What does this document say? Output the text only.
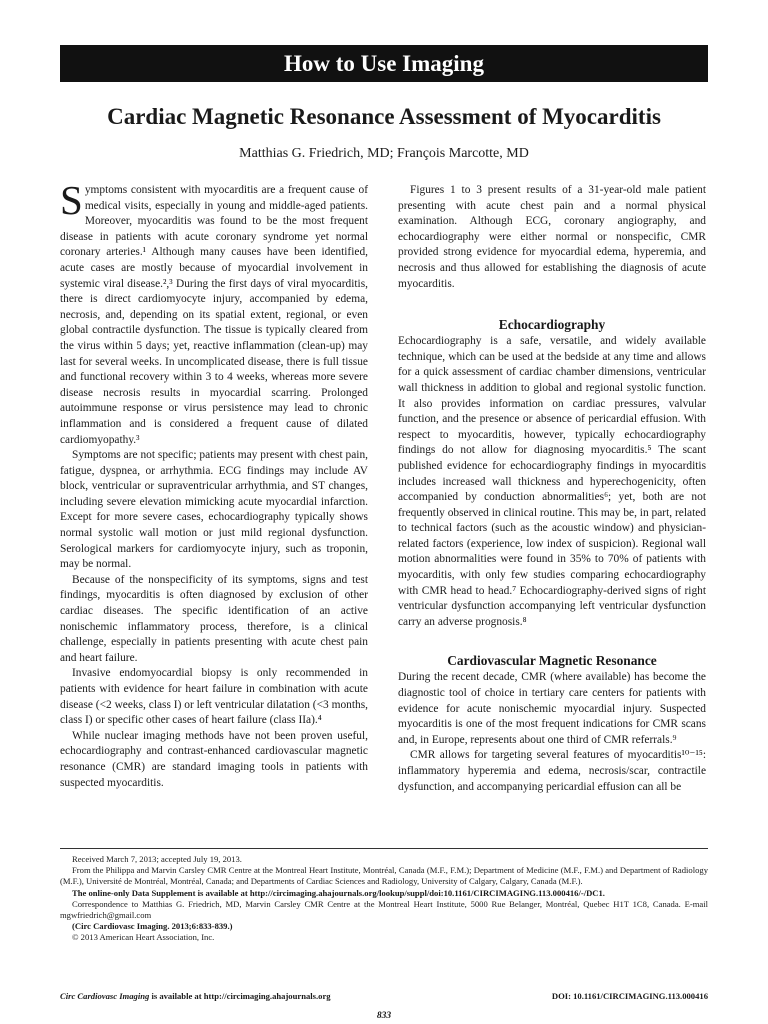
How to Use Imaging
Cardiac Magnetic Resonance Assessment of Myocarditis
Matthias G. Friedrich, MD; François Marcotte, MD

Symptoms consistent with myocarditis are a frequent cause of medical visits, especially in young and middle-aged patients. Moreover, myocarditis was found to be the most frequent disease in patients with acute coronary syndrome yet normal coronary arteries.¹ Although many causes have been identified, acute cases are mostly because of myocardial involvement in systemic viral disease.²,³ During the first days of viral myocarditis, there is direct cardiomyocyte injury, accompanied by edema, necrosis, and, depending on its spatial extent, regional, or even global contractile dysfunction. The tissue is typically cleared from the virus within 5 days; yet, reactive inflammation (clean-up) may last for several weeks. In uncomplicated disease, there is full tissue and functional recovery within 3 to 4 weeks, whereas more severe disease necrosis results in myocardial scarring. Prolonged autoimmune response or virus persistence may lead to chronic inflammation and is considered a frequent cause of dilated cardiomyopathy.³

Symptoms are not specific; patients may present with chest pain, fatigue, dyspnea, or arrhythmia. ECG findings may include AV block, ventricular or supraventricular arrhythmia, and ST changes, including severe elevation mimicking acute myocardial infarction. Except for more severe cases, echocardiography typically shows normal systolic wall motion or just mild regional dysfunction. Serological markers for cardiomyocyte injury, such as troponin, may be normal.

Because of the nonspecificity of its symptoms, signs and test findings, myocarditis is often diagnosed by exclusion of other cardiac diseases. The specific identification of an active nonischemic inflammatory process, therefore, is a clinical challenge, especially in patients presenting with acute chest pain and heart failure.

Invasive endomyocardial biopsy is only recommended in patients with evidence for heart failure in combination with acute disease (<2 weeks, class I) or left ventricular dilatation (<3 months, class I) or specific other cases of heart failure (class IIa).⁴

While nuclear imaging methods have not been proven useful, echocardiography and contrast-enhanced cardiovascular magnetic resonance (CMR) are standard imaging tools in patients with suspected myocarditis.

Figures 1 to 3 present results of a 31-year-old male patient presenting with acute chest pain and a normal physical examination. Although ECG, coronary angiography, and echocardiography were either normal or nonspecific, CMR provided strong evidence for myocardial edema, hyperemia, and necrosis and thus allowed for establishing the diagnosis of acute myocarditis.

Echocardiography

Echocardiography is a safe, versatile, and widely available technique, which can be used at the bedside at any time and allows for a quick assessment of cardiac chamber dimensions, ventricular wall thickness in addition to global and regional systolic function. It also provides information on cardiac pressures, valvular function, and the presence or absence of pericardial effusion. With respect to myocarditis, however, typically echocardiography findings do not allow for diagnosing myocarditis.⁵ The scant published evidence for echocardiography findings in myocarditis includes increased wall thickness and hyperechogenicity, often accompanied by conduction abnormalities⁶; yet, both are not frequently observed in clinical routine. This may be, in part, related to technical factors (such as the acoustic window) and physician-related factors (experience, low index of suspicion). Regional wall motion abnormalities were found in 35% to 70% of patients with myocarditis, with only few studies comparing echocardiography with CMR head to head.⁷ Echocardiography-derived signs of right ventricular dysfunction accompanying left ventricular dysfunction carry an adverse prognosis.⁸

Cardiovascular Magnetic Resonance

During the recent decade, CMR (where available) has become the diagnostic tool of choice in tertiary care centers for patients with evidence for acute nonischemic myocardial injury. Suspected myocarditis is one of the most frequent indications for CMR scans and, in Europe, represents about one third of CMR referrals.⁹

CMR allows for targeting several features of myocarditis¹⁰⁻¹⁵: inflammatory hyperemia and edema, necrosis/scar, contractile dysfunction, and accompanying pericardial effusion can all be

Received March 7, 2013; accepted July 19, 2013.

From the Philippa and Marvin Carsley CMR Centre at the Montreal Heart Institute, Montréal, Canada (M.F., F.M.); Department of Medicine (M.F., F.M.) and Department of Radiology (M.F.), Université de Montréal, Montréal, Canada; and Departments of Cardiac Sciences and Radiology, University of Calgary, Calgary, Canada (M.F.).

The online-only Data Supplement is available at http://circimaging.ahajournals.org/lookup/suppl/doi:10.1161/CIRCIMAGING.113.000416/-/DC1.

Correspondence to Matthias G. Friedrich, MD, Marvin Carsley CMR Centre at the Montreal Heart Institute, 5000 Rue Belanger, Montréal, Quebec H1T 1C8, Canada. E-mail mgwfriedrich@gmail.com

(Circ Cardiovasc Imaging. 2013;6:833-839.)

© 2013 American Heart Association, Inc.

Circ Cardiovasc Imaging is available at http://circimaging.ahajournals.org	DOI: 10.1161/CIRCIMAGING.113.000416
833
